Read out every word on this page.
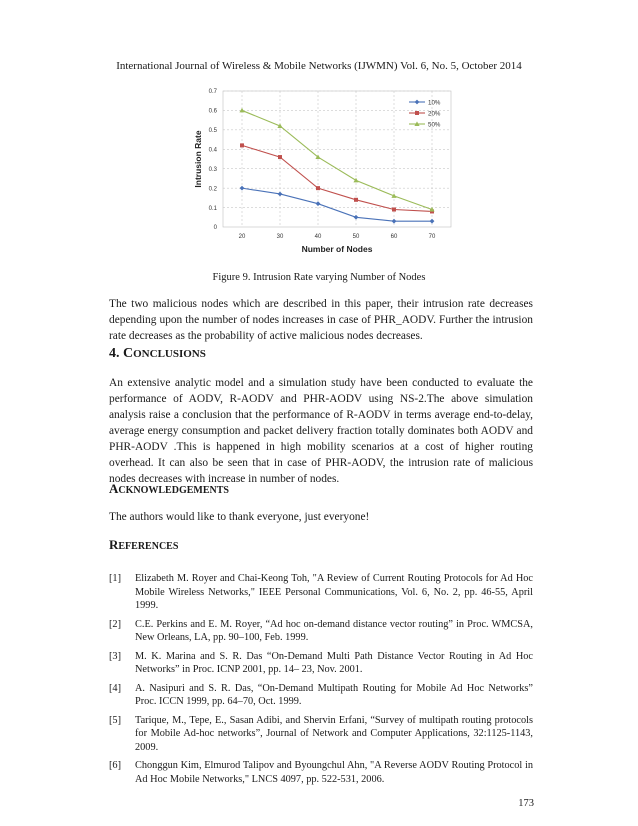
International Journal of Wireless & Mobile Networks (IJWMN) Vol. 6, No. 5, October 2014
0
0.1
0.2
0.3
0.4
0.5
0.6
0.7
20	30	40	50	60	70
Number of Nodes
Intrusion Rate
10%
20%
50%
Figure 9. Intrusion Rate varying Number of Nodes

The two malicious nodes which are described in this paper, their intrusion rate decreases depending upon the number of nodes increases in case of PHR_AODV. Further the intrusion rate decreases as the probability of active malicious nodes decreases.

4. CONCLUSIONS

An extensive analytic model and a simulation study have been conducted to evaluate the performance of AODV, R-AODV and PHR-AODV using NS-2.The above simulation analysis raise a conclusion that the performance of R-AODV in terms average end-to-delay, average energy consumption and packet delivery fraction totally dominates both AODV and PHR-AODV .This is happened in high mobility scenarios at a cost of higher routing overhead. It can also be seen that in case of PHR-AODV, the intrusion rate of malicious nodes decreases with increase in number of nodes.

ACKNOWLEDGEMENTS

The authors would like to thank everyone, just everyone!

REFERENCES
[1]	Elizabeth M. Royer and Chai-Keong Toh, "A Review of Current Routing Protocols for Ad Hoc Mobile Wireless Networks," IEEE Personal Communications, Vol. 6, No. 2, pp. 46-55, April 1999.
[2]	C.E. Perkins and E. M. Royer, “Ad hoc on-demand distance vector routing” in Proc. WMCSA, New Orleans, LA, pp. 90–100, Feb. 1999.
[3]	M. K. Marina and S. R. Das “On-Demand Multi Path Distance Vector Routing in Ad Hoc Networks” in Proc. ICNP 2001, pp. 14– 23, Nov. 2001.
[4]	A. Nasipuri and S. R. Das, “On-Demand Multipath Routing for Mobile Ad Hoc Networks” Proc. ICCN 1999, pp. 64–70, Oct. 1999.
[5]	Tarique, M., Tepe, E., Sasan Adibi, and Shervin Erfani, “Survey of multipath routing protocols for Mobile Ad-hoc networks”, Journal of Network and Computer Applications, 32:1125-1143, 2009.
[6]	Chonggun Kim, Elmurod Talipov and Byoungchul Ahn, "A Reverse AODV Routing Protocol in Ad Hoc Mobile Networks," LNCS 4097, pp. 522-531, 2006.
173
